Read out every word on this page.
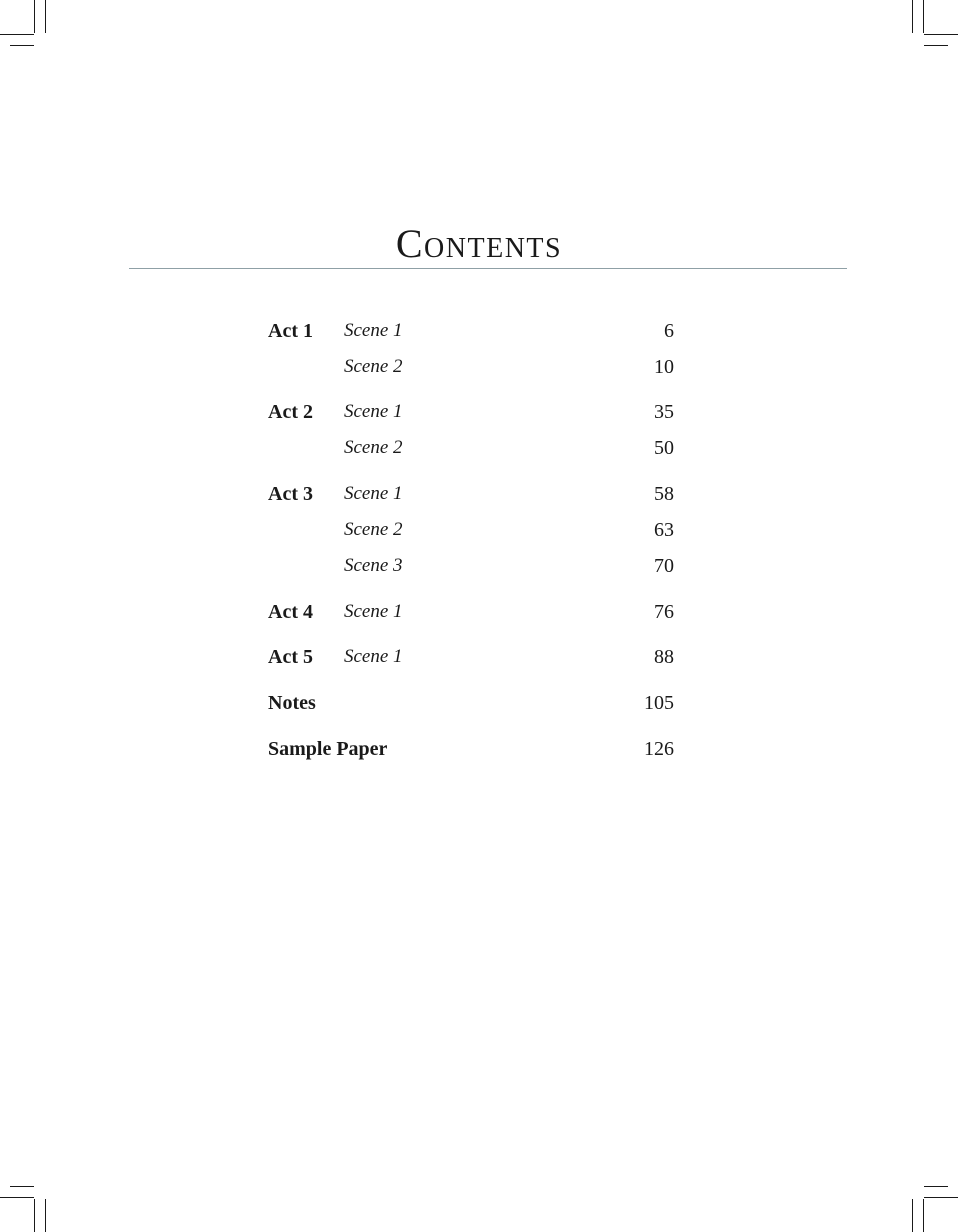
Contents
Act 1 Scene 1	6
Scene 2	10
Act 2 Scene 1	35
Scene 2	50
Act 3 Scene 1	58
Scene 2	63
Scene 3	70
Act 4 Scene 1	76
Act 5 Scene 1	88
Notes	105
Sample Paper	126
